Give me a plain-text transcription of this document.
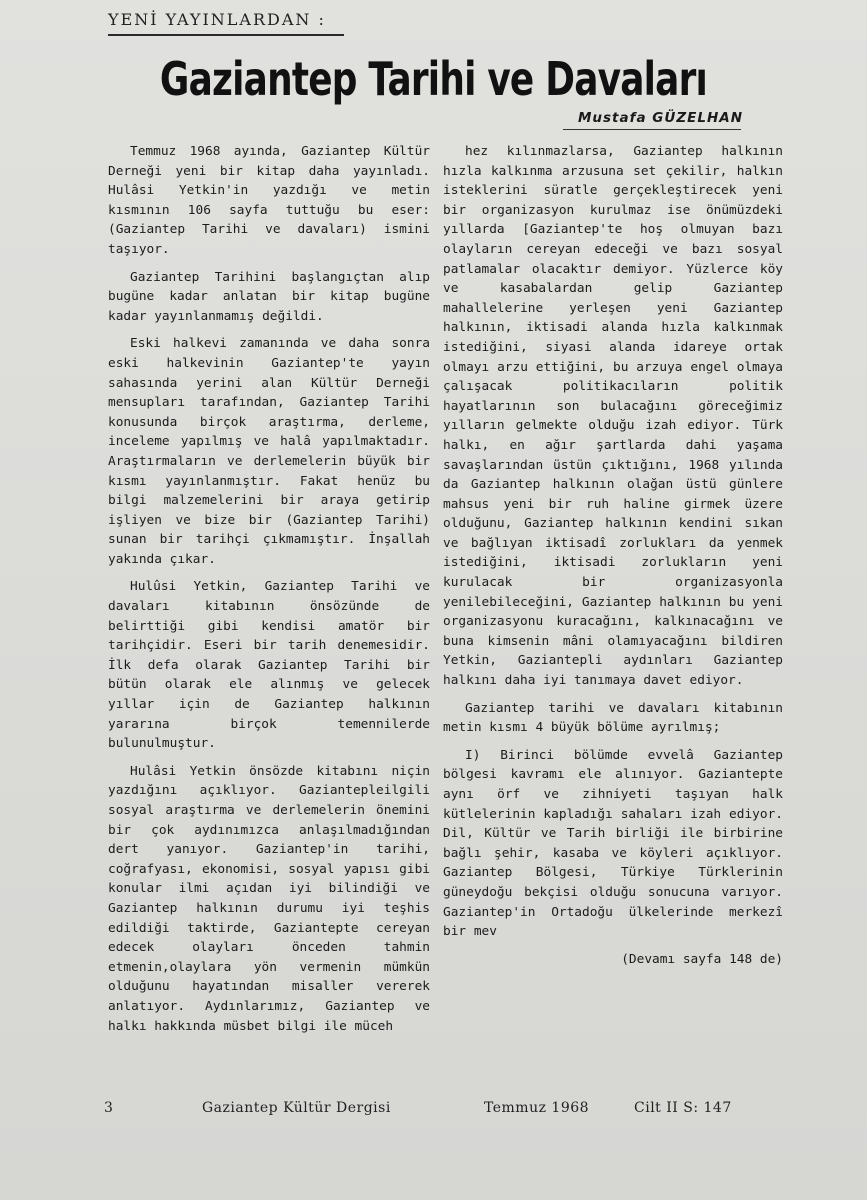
YENİ YAYINLARDAN :
Gaziantep Tarihi ve Davaları
Mustafa GÜZELHAN

Temmuz 1968 ayında, Gaziantep Kültür Derneği yeni bir kitap daha yayınladı. Hulâsi Yetkin'in yazdığı ve metin kısmının 106 sayfa tuttuğu bu eser: (Gaziantep Tarihi ve davaları) ismini taşıyor.

Gaziantep Tarihini başlangıçtan alıp bugüne kadar anlatan bir kitap bugüne kadar yayınlanmamış değildi.

Eski halkevi zamanında ve daha sonra eski halkevinin Gaziantep'te yayın sahasında yerini alan Kültür Derneği mensupları tarafından, Gaziantep Tarihi konusunda birçok araştırma, derleme, inceleme yapılmış ve halâ yapılmaktadır. Araştırmaların ve derlemelerin büyük bir kısmı yayınlanmıştır. Fakat henüz bu bilgi malzemelerini bir araya getirip işliyen ve bize bir (Gaziantep Tarihi) sunan bir tarihçi çıkmamıştır. İnşallah yakında çıkar.

Hulûsi Yetkin, Gaziantep Tarihi ve davaları kitabının önsözünde de belirttiği gibi kendisi amatör bir tarihçidir. Eseri bir tarih denemesidir. İlk defa olarak Gaziantep Tarihi bir bütün olarak ele alınmış ve gelecek yıllar için de Gaziantep halkının yararına birçok temennilerde bulunulmuştur.

Hulâsi Yetkin önsözde kitabını niçin yazdığını açıklıyor. Gaziantepleilgili sosyal araştırma ve derlemelerin önemini bir çok aydınımızca anlaşılmadığından dert yanıyor. Gaziantep'in tarihi, coğrafyası, ekonomisi, sosyal yapısı gibi konular ilmi açıdan iyi bilindiği ve Gaziantep halkının durumu iyi teşhis edildiği taktirde, Gaziantepte cereyan edecek olayları önceden tahmin etmenin,olaylara yön vermenin mümkün olduğunu hayatından misaller vererek anlatıyor. Aydınlarımız, Gaziantep ve halkı hakkında müsbet bilgi ile müceh

hez kılınmazlarsa, Gaziantep halkının hızla kalkınma arzusuna set çekilir, halkın isteklerini süratle gerçekleştirecek yeni bir organizasyon kurulmaz ise önümüzdeki yıllarda [Gaziantep'te hoş olmuyan bazı olayların cereyan edeceği ve bazı sosyal patlamalar olacaktır demiyor. Yüzlerce köy ve kasabalardan gelip Gaziantep mahallelerine yerleşen yeni Gaziantep halkının, iktisadi alanda hızla kalkınmak istediğini, siyasi alanda idareye ortak olmayı arzu ettiğini, bu arzuya engel olmaya çalışacak politikacıların politik hayatlarının son bulacağını göreceğimiz yılların gelmekte olduğu izah ediyor. Türk halkı, en ağır şartlarda dahi yaşama savaşlarından üstün çıktığını, 1968 yılında da Gaziantep halkının olağan üstü günlere mahsus yeni bir ruh haline girmek üzere olduğunu, Gaziantep halkının kendini sıkan ve bağlıyan iktisadî zorlukları da yenmek istediğini, iktisadi zorlukların yeni kurulacak bir organizasyonla yenilebileceğini, Gaziantep halkının bu yeni organizasyonu kuracağını, kalkınacağını ve buna kimsenin mâni olamıyacağını bildiren Yetkin, Gaziantepli aydınları Gaziantep halkını daha iyi tanımaya davet ediyor.

Gaziantep tarihi ve davaları kitabının metin kısmı 4 büyük bölüme ayrılmış;

I) Birinci bölümde evvelâ Gaziantep bölgesi kavramı ele alınıyor. Gaziantepte aynı örf ve zihniyeti taşıyan halk kütlelerinin kapladığı sahaları izah ediyor. Dil, Kültür ve Tarih birliği ile birbirine bağlı şehir, kasaba ve köyleri açıklıyor. Gaziantep Bölgesi, Türkiye Türklerinin güneydoğu bekçisi olduğu sonucuna varıyor. Gaziantep'in Ortadoğu ülkelerinde merkezî bir mev

(Devamı sayfa 148 de)

3	Gaziantep Kültür Dergisi	Temmuz 1968	Cilt II S: 147
